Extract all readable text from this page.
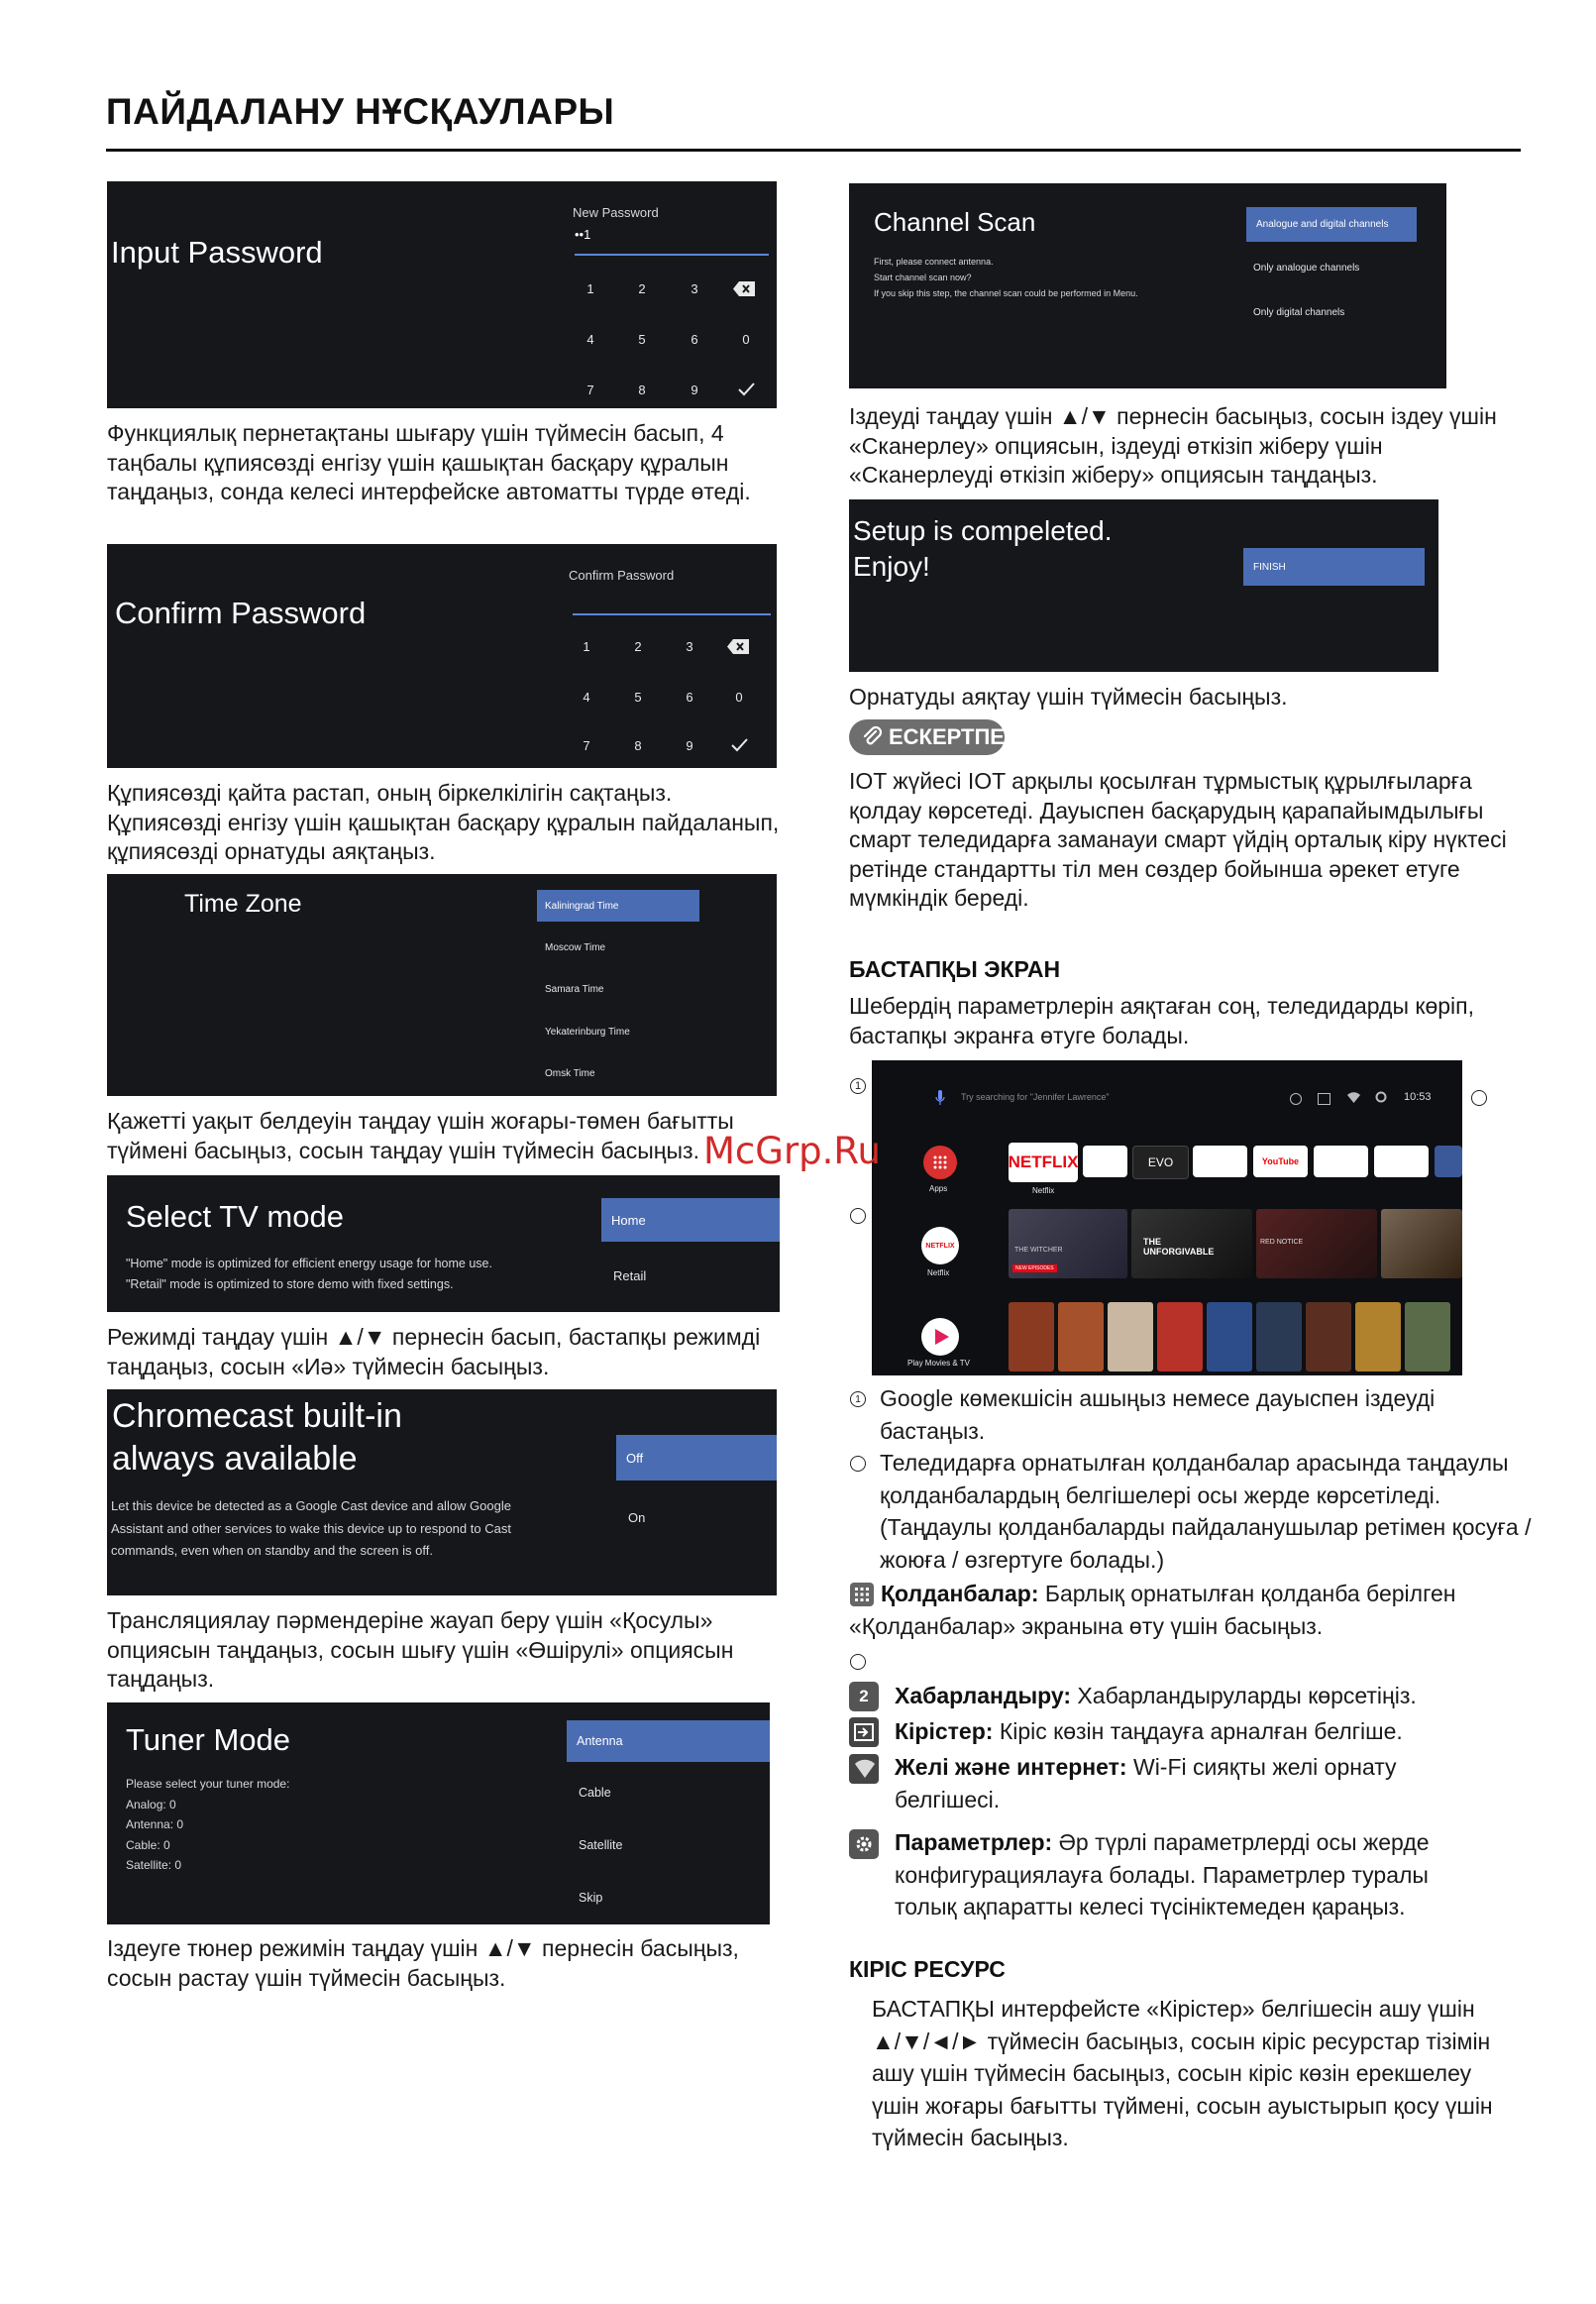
ПАЙДАЛАНУ НҰСҚАУЛАРЫ
Input Password
New Password
••1
1	2	3
4	5	6	0
7	8	9

Функциялық пернетақтаны шығару үшін түймесін басып, 4 таңбалы құпиясөзді енгізу үшін қашықтан басқару құралын таңдаңыз, сонда келесі интерфейске автоматты түрде өтеді.

Confirm Password
Confirm Password
1	2	3
4	5	6	0
7	8	9

Құпиясөзді қайта растап, оның біркелкілігін сақтаңыз. Құпиясөзді енгізу үшін қашықтан басқару құралын пайдаланып, құпиясөзді орнатуды аяқтаңыз.

Time Zone	Kaliningrad Time
Moscow Time
Samara Time
Yekaterinburg Time
Omsk Time

Қажетті уақыт белдеуін таңдау үшін жоғары-төмен бағытты түймені басыңыз, сосын таңдау үшін түймесін басыңыз.

Select TV mode
"Home" mode is optimized for efficient energy usage for home use.
"Retail" mode is optimized to store demo with fixed settings.
Home
Retail

Режимді таңдау үшін ▲/▼ пернесін басып, бастапқы режимді таңдаңыз, сосын «Иә» түймесін басыңыз.

Chromecast built-in
always available
Let this device be detected as a Google Cast device and allow Google Assistant and other services to wake this device up to respond to Cast commands, even when on standby and the screen is off.
Off
On

Трансляциялау пәрмендеріне жауап беру үшін «Қосулы» опциясын таңдаңыз, сосын шығу үшін «Өшірулі» опциясын таңдаңыз.

Tuner Mode
Please select your tuner mode:
Analog: 0
Antenna: 0
Cable: 0
Satellite: 0
Antenna
Cable
Satellite
Skip

Іздеуге тюнер режимін таңдау үшін ▲/▼ пернесін басыңыз, сосын растау үшін түймесін басыңыз.

Channel Scan
First, please connect antenna.
Start channel scan now?
If you skip this step, the channel scan could be performed in Menu.
Analogue and digital channels
Only analogue channels
Only digital channels

Іздеуді таңдау үшін ▲/▼ пернесін басыңыз, сосын іздеу үшін «Сканерлеу» опциясын, іздеуді өткізіп жіберу үшін «Сканерлеуді өткізіп жіберу» опциясын таңдаңыз.

Setup is compeleted.
Enjoy!	FINISH

Орнатуды аяқтау үшін түймесін басыңыз.

ЕСКЕРТПЕ

IOT жүйесі IOT арқылы қосылған тұрмыстық құрылғыларға қолдау көрсетеді. Дауыспен басқарудың қарапайымдылығы смарт теледидарға заманауи смарт үйдің орталық кіру нүктесі ретінде стандартты тіл мен сөздер бойынша әрекет етуге мүмкіндік береді.

БАСТАПҚЫ ЭКРАН

Шебердің параметрлерін аяқтаған соң, теледидарды көріп, бастапқы экранға өтуге болады.

1
Try searching for "Jennifer Lawrence"	10:53
Apps
NETFLIX
Netflix
Play Movies & TV
NETFLIX
Netflix
EVO	YouTube
THE WITCHER
NEW EPISODES
THE UNFORGIVABLE
RED NOTICE
1 Google көмекшісін ашыңыз немесе дауыспен іздеуді бастаңыз.

Теледидарға орнатылған қолданбалар арасында таңдаулы қолданбалардың белгішелері осы жерде көрсетіледі. (Таңдаулы қолданбаларды пайдаланушылар ретімен қосуға / жоюға / өзгертуге болады.)

Қолданбалар: Барлық орнатылған қолданба берілген «Қолданбалар» экранына өту үшін басыңыз.

2	Хабарландыру: Хабарландыруларды көрсетіңіз.

Кірістер: Кіріс көзін таңдауға арналған белгіше.

Желі және интернет: Wi-Fi сияқты желі орнату белгішесі.

Параметрлер: Әр түрлі параметрлерді осы жерде конфигурациялауға болады. Параметрлер туралы толық ақпаратты келесі түсініктемеден қараңыз.

КІРІС РЕСУРС

БАСТАПҚЫ интерфейсте «Кірістер» белгішесін ашу үшін ▲/▼/◄/► түймесін басыңыз, сосын кіріс ресурстар тізімін ашу үшін түймесін басыңыз, сосын кіріс көзін ерекшелеу үшін жоғары бағытты түймені, сосын ауыстырып қосу үшін түймесін басыңыз.

McGrp.Ru
